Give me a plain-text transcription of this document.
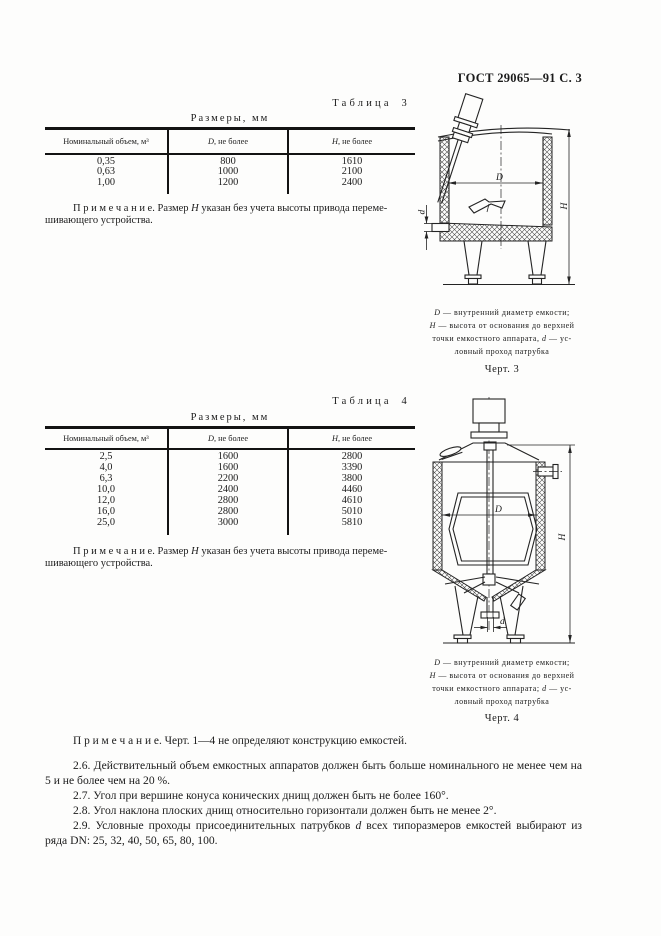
ГОСТ 29065—91 С. 3
Таблица 3
Размеры, мм
Номинальный объем, м³	D, не более	H, не более
0,35	800	1610
0,63	1000	2100
1,00	1200	2400

П р и м е ч а н и е. Размер H указан без учета высоты привода переме-
шивающего устройства.
D
d
H
D — внутренний диаметр емкости;
H — высота от основания до верхней
точки емкостного аппарата, d — ус-
ловный проход патрубка
Черт. 3
Таблица 4
Размеры, мм
Номинальный объем, м³	D, не более	H, не более
2,5	1600	2800
4,0	1600	3390
6,3	2200	3800
10,0	2400	4460
12,0	2800	4610
16,0	2800	5010
25,0	3000	5810

П р и м е ч а н и е. Размер H указан без учета высоты привода переме-
шивающего устройства.
D
d
H
D — внутренний диаметр емкости;
H — высота от основания до верхней
точки емкостного аппарата; d — ус-
ловный проход патрубка
Черт. 4
П р и м е ч а н и е. Черт. 1—4 не определяют конструкцию емкостей.

2.6. Действительный объем емкостных аппаратов должен быть больше номинального не менее чем на 5 и не более чем на 20 %.

2.7. Угол при вершине конуса конических днищ должен быть не более 160°.

2.8. Угол наклона плоских днищ относительно горизонтали должен быть не менее 2°.

2.9. Условные проходы присоединительных патрубков d всех типоразмеров емкостей выбирают из ряда DN: 25, 32, 40, 50, 65, 80, 100.
